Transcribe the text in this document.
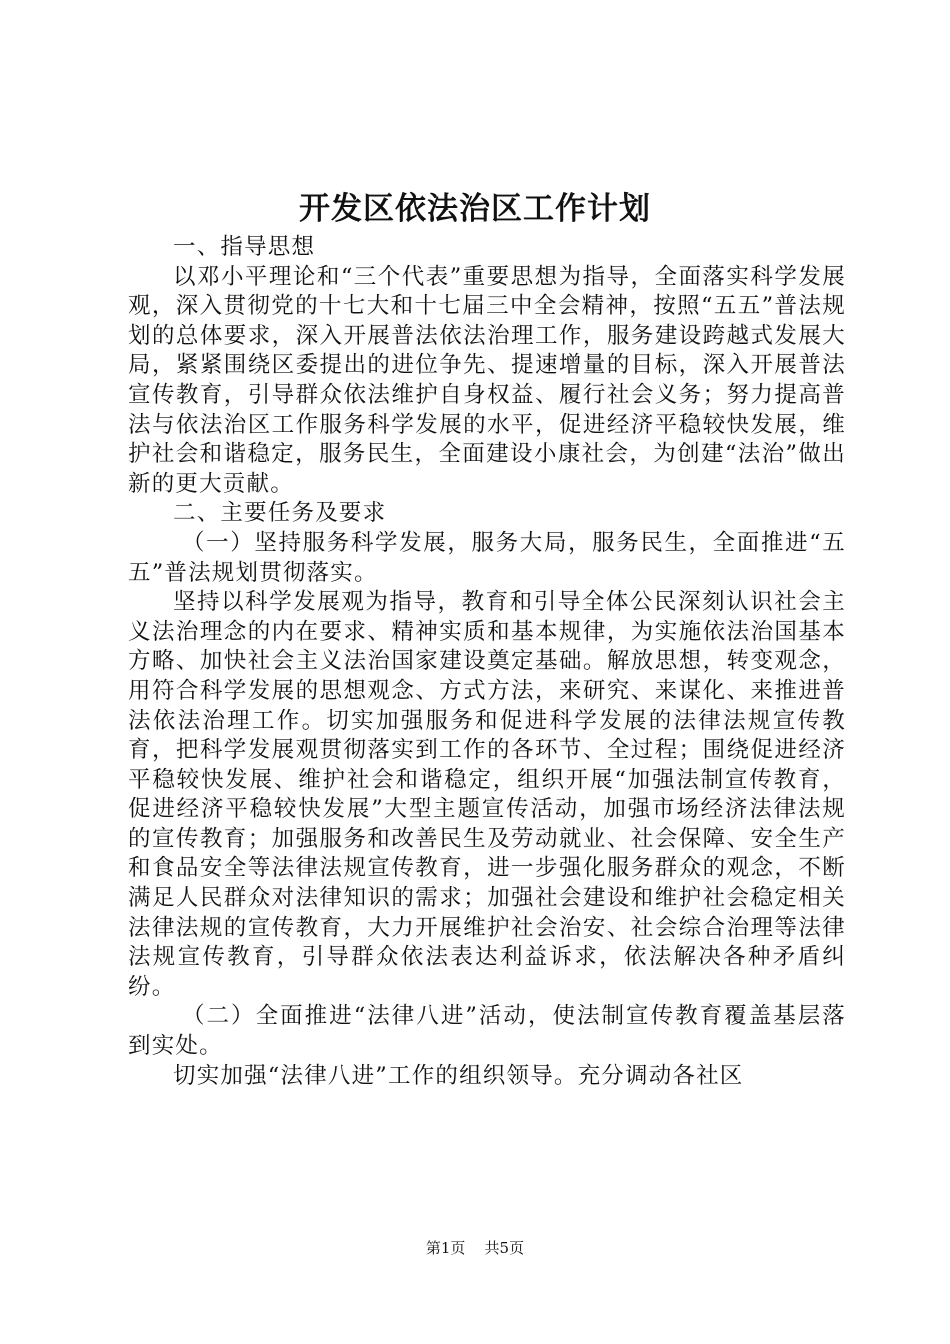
开发区依法治区工作计划

一、指导思想

以邓小平理论和“三个代表”重要思想为指导，全面落实科学发展观，深入贯彻党的十七大和十七届三中全会精神，按照“五五”普法规划的总体要求，深入开展普法依法治理工作，服务建设跨越式发展大局，紧紧围绕区委提出的进位争先、提速增量的目标，深入开展普法宣传教育，引导群众依法维护自身权益、履行社会义务；努力提高普法与依法治区工作服务科学发展的水平，促进经济平稳较快发展，维护社会和谐稳定，服务民生，全面建设小康社会，为创建“法治”做出新的更大贡献。

二、主要任务及要求

（一）坚持服务科学发展，服务大局，服务民生，全面推进“五五”普法规划贯彻落实。

坚持以科学发展观为指导，教育和引导全体公民深刻认识社会主义法治理念的内在要求、精神实质和基本规律，为实施依法治国基本方略、加快社会主义法治国家建设奠定基础。解放思想，转变观念，用符合科学发展的思想观念、方式方法，来研究、来谋化、来推进普法依法治理工作。切实加强服务和促进科学发展的法律法规宣传教育，把科学发展观贯彻落实到工作的各环节、全过程；围绕促进经济平稳较快发展、维护社会和谐稳定，组织开展“加强法制宣传教育，促进经济平稳较快发展”大型主题宣传活动，加强市场经济法律法规的宣传教育；加强服务和改善民生及劳动就业、社会保障、安全生产和食品安全等法律法规宣传教育，进一步强化服务群众的观念，不断满足人民群众对法律知识的需求；加强社会建设和维护社会稳定相关法律法规的宣传教育，大力开展维护社会治安、社会综合治理等法律法规宣传教育，引导群众依法表达利益诉求，依法解决各种矛盾纠纷。

（二）全面推进“法律八进”活动，使法制宣传教育覆盖基层落到实处。

切实加强“法律八进”工作的组织领导。充分调动各社区

第1页 共5页
